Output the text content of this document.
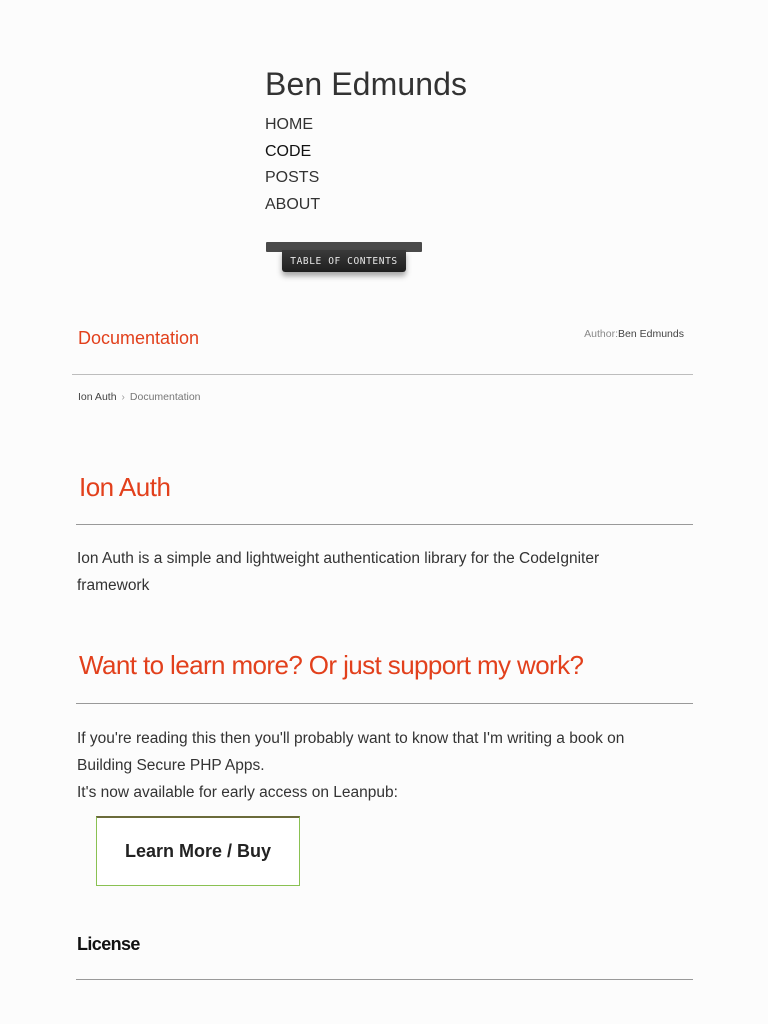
Ben Edmunds
HOME
CODE
POSTS
ABOUT
TABLE OF CONTENTS
Documentation	Author:Ben Edmunds
Ion Auth › Documentation
Ion Auth
Ion Auth is a simple and lightweight authentication library for the CodeIgniter
framework
Want to learn more? Or just support my work?
If you're reading this then you'll probably want to know that I'm writing a book on
Building Secure PHP Apps.
It's now available for early access on Leanpub:
Learn More / Buy
License
